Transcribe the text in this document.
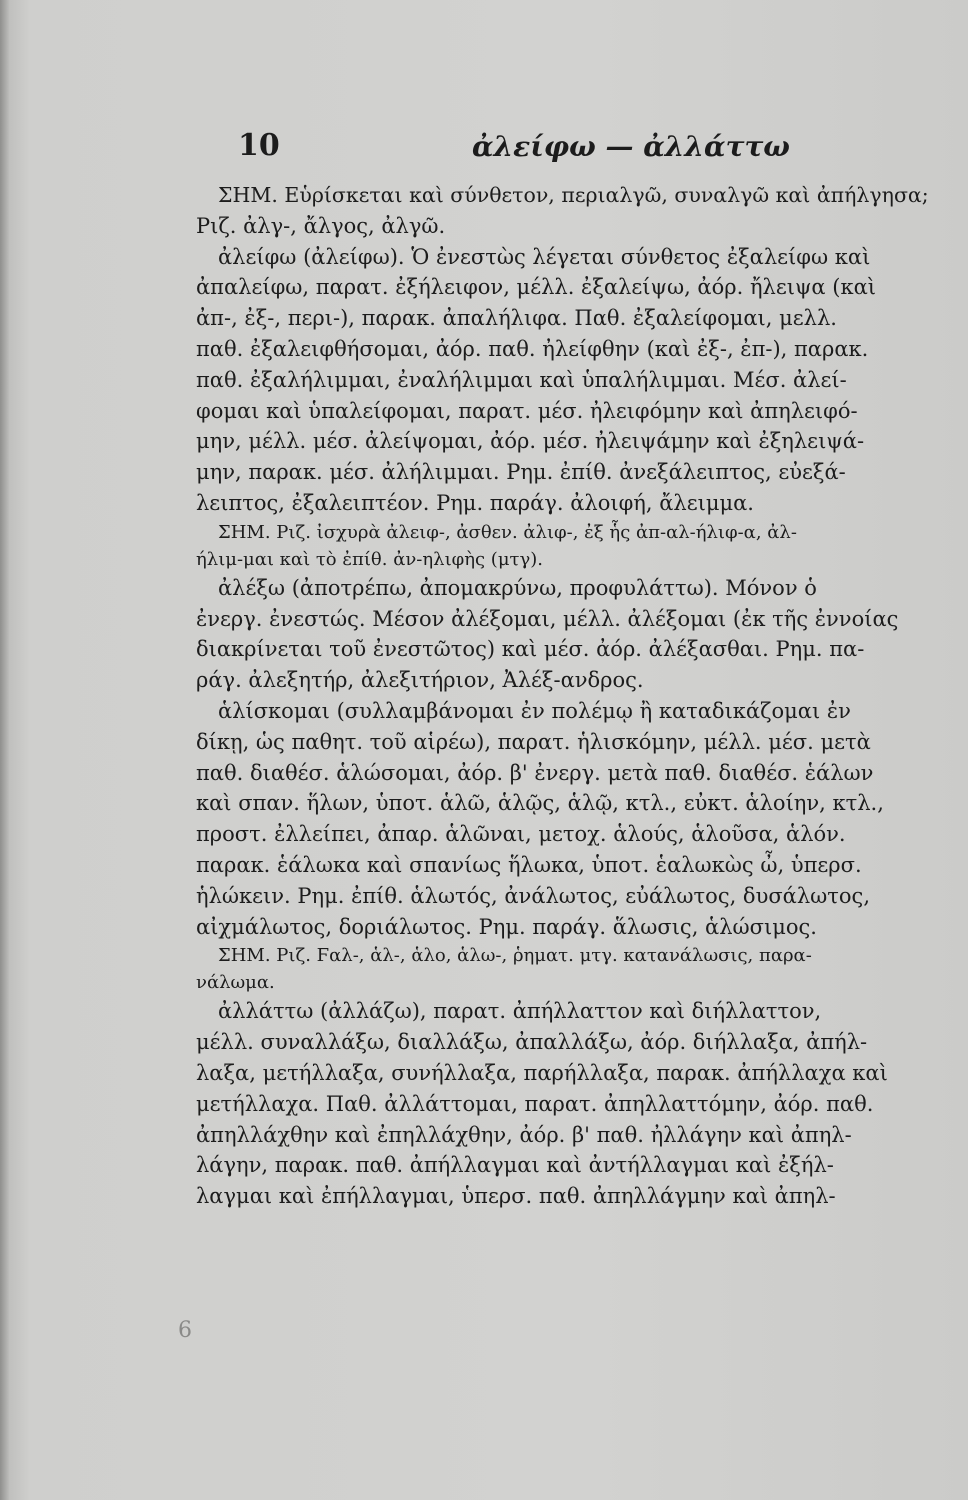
10	ἀλείφω — ἀλλάττω
ΣΗΜ. Εὑρίσκεται καὶ σύνθετον, περιαλγῶ, συναλγῶ καὶ ἀπήλγησα;
Ριζ. ἀλγ-, ἄλγος, ἀλγῶ.
ἀλείφω (ἀλείφω). Ὁ ἐνεστὼς λέγεται σύνθετος ἐξαλείφω καὶ
ἀπαλείφω, παρατ. ἐξήλειφον, μέλλ. ἐξαλείψω, ἀόρ. ἤλειψα (καὶ
ἀπ-, ἐξ-, περι-), παρακ. ἀπαλήλιφα. Παθ. ἐξαλείφομαι, μελλ.
παθ. ἐξαλειφθήσομαι, ἀόρ. παθ. ἠλείφθην (καὶ ἐξ-, ἐπ-), παρακ.
παθ. ἐξαλήλιμμαι, ἐναλήλιμμαι καὶ ὑπαλήλιμμαι. Μέσ. ἀλεί-
φομαι καὶ ὑπαλείφομαι, παρατ. μέσ. ἠλειφόμην καὶ ἀπηλειφό-
μην, μέλλ. μέσ. ἀλείψομαι, ἀόρ. μέσ. ἠλειψάμην καὶ ἐξηλειψά-
μην, παρακ. μέσ. ἀλήλιμμαι. Ρημ. ἐπίθ. ἀνεξάλειπτος, εὐεξά-
λειπτος, ἐξαλειπτέον. Ρημ. παράγ. ἀλοιφή, ἄλειμμα.
ΣΗΜ. Ριζ. ἰσχυρὰ ἀλειφ-, ἀσθεν. ἀλιφ-, ἐξ ἧς ἀπ-αλ-ήλιφ-α, ἀλ-
ήλιμ-μαι καὶ τὸ ἐπίθ. ἀν-ηλιφὴς (μτγ).
ἀλέξω (ἀποτρέπω, ἀπομακρύνω, προφυλάττω). Μόνον ὁ
ἐνεργ. ἐνεστώς. Μέσον ἀλέξομαι, μέλλ. ἀλέξομαι (ἐκ τῆς ἐννοίας
διακρίνεται τοῦ ἐνεστῶτος) καὶ μέσ. ἀόρ. ἀλέξασθαι. Ρημ. πα-
ράγ. ἀλεξητήρ, ἀλεξιτήριον, Ἀλέξ-ανδρος.
ἁλίσκομαι (συλλαμβάνομαι ἐν πολέμῳ ἢ καταδικάζομαι ἐν
δίκῃ, ὡς παθητ. τοῦ αἱρέω), παρατ. ἡλισκόμην, μέλλ. μέσ. μετὰ
παθ. διαθέσ. ἁλώσομαι, ἀόρ. β' ἐνεργ. μετὰ παθ. διαθέσ. ἑάλων
καὶ σπαν. ἥλων, ὑποτ. ἁλῶ, ἁλῷς, ἁλῷ, κτλ., εὐκτ. ἁλοίην, κτλ.,
προστ. ἐλλείπει, ἀπαρ. ἁλῶναι, μετοχ. ἁλούς, ἁλοῦσα, ἁλόν.
παρακ. ἑάλωκα καὶ σπανίως ἥλωκα, ὑποτ. ἑαλωκὼς ὦ, ὑπερσ.
ἡλώκειν. Ρημ. ἐπίθ. ἁλωτός, ἀνάλωτος, εὐάλωτος, δυσάλωτος,
αἰχμάλωτος, δοριάλωτος. Ρημ. παράγ. ἅλωσις, ἁλώσιμος.
ΣΗΜ. Ριζ. Ϝαλ-, ἁλ-, ἁλο, ἁλω-, ῥηματ. μτγ. κατανάλωσις, παρα-
νάλωμα.
ἀλλάττω (ἀλλάζω), παρατ. ἀπήλλαττον καὶ διήλλαττον,
μέλλ. συναλλάξω, διαλλάξω, ἀπαλλάξω, ἀόρ. διήλλαξα, ἀπήλ-
λαξα, μετήλλαξα, συνήλλαξα, παρήλλαξα, παρακ. ἀπήλλαχα καὶ
μετήλλαχα. Παθ. ἀλλάττομαι, παρατ. ἀπηλλαττόμην, ἀόρ. παθ.
ἀπηλλάχθην καὶ ἐπηλλάχθην, ἀόρ. β' παθ. ἠλλάγην καὶ ἀπηλ-
λάγην, παρακ. παθ. ἀπήλλαγμαι καὶ ἀντήλλαγμαι καὶ ἐξήλ-
λαγμαι καὶ ἐπήλλαγμαι, ὑπερσ. παθ. ἀπηλλάγμην καὶ ἀπηλ-
6
